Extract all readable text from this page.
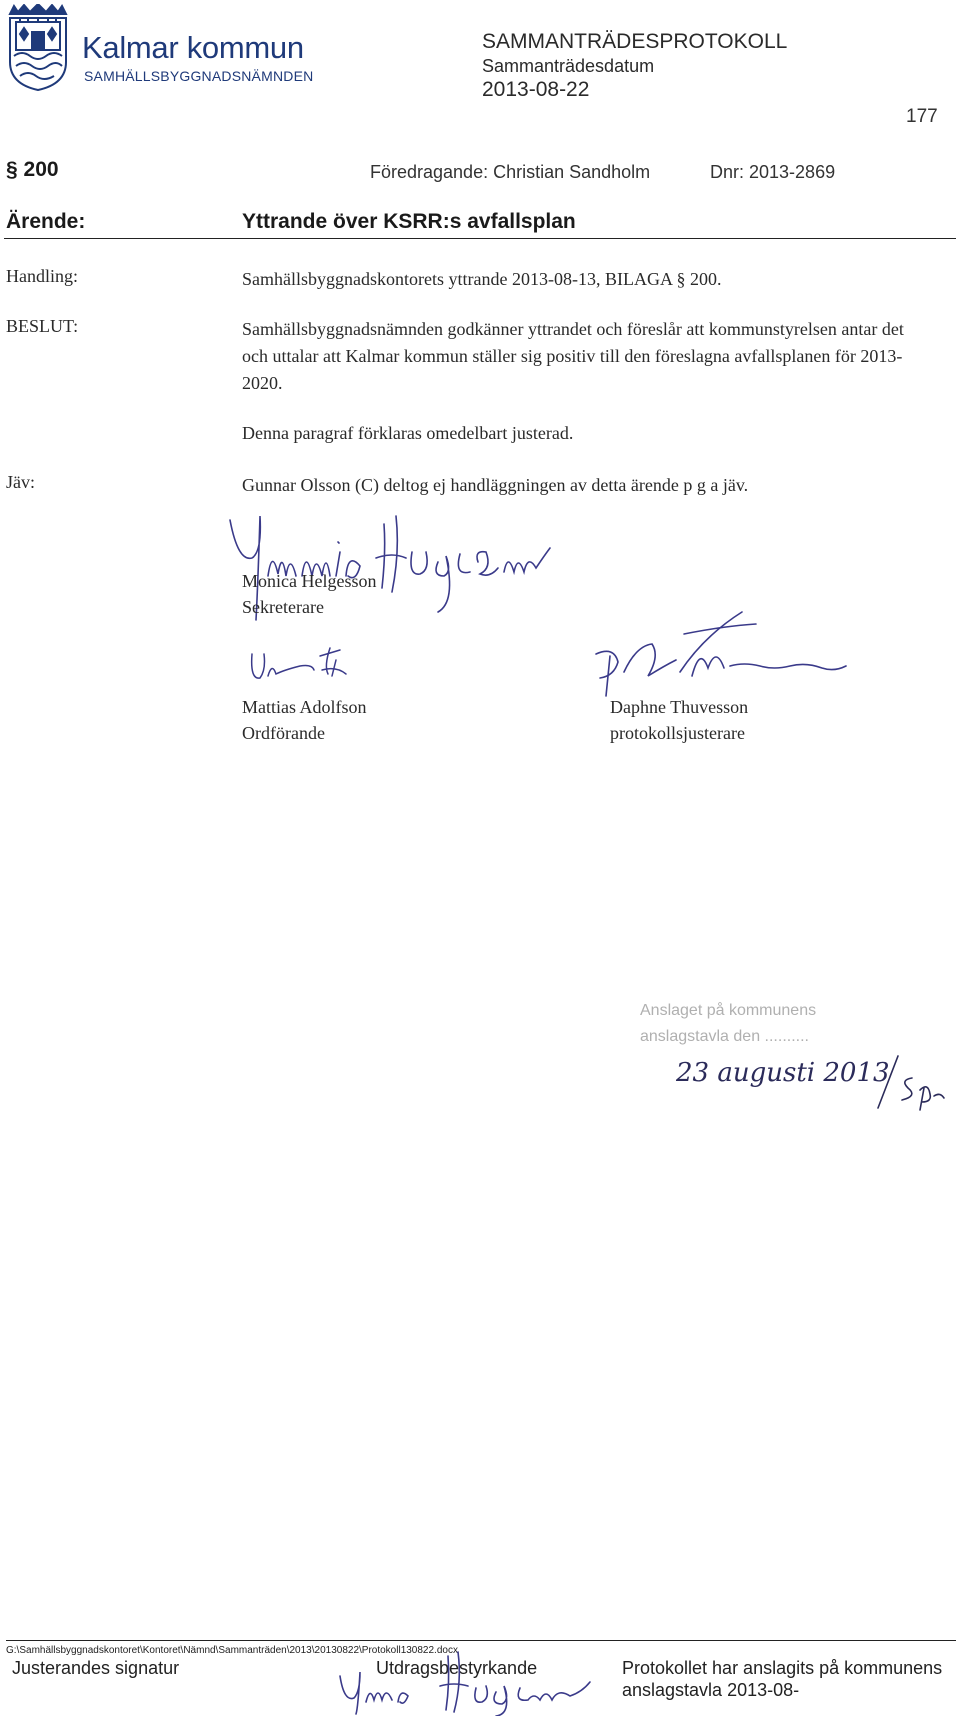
Kalmar kommun
SAMHÄLLSBYGGNADSNÄMNDEN
SAMMANTRÄDESPROTOKOLL
Sammanträdesdatum
2013-08-22
177
§ 200	Föredragande: Christian Sandholm	Dnr: 2013-2869
Ärende:	Yttrande över KSRR:s avfallsplan
Handling:	Samhällsbyggnadskontorets yttrande 2013-08-13, BILAGA § 200.
BESLUT:	Samhällsbyggnadsnämnden godkänner yttrandet och föreslår att kommunstyrelsen antar det och uttalar att Kalmar kommun ställer sig positiv till den föreslagna avfallsplanen för 2013-2020.
Denna paragraf förklaras omedelbart justerad.
Jäv:	Gunnar Olsson (C) deltog ej handläggningen av detta ärende p g a jäv.
Monica Helgesson
Sekreterare
Mattias Adolfson
Ordförande
Daphne Thuvesson
protokollsjusterare
Anslaget på kommunens
anslagstavla den ..........
23 augusti 2013
G:\Samhällsbyggnadskontoret\Kontoret\Nämnd\Sammanträden\2013\20130822\Protokoll130822.docx
Justerandes signatur	Utdragsbestyrkande	Protokollet har anslagits på kommunens
anslagstavla 2013-08-
